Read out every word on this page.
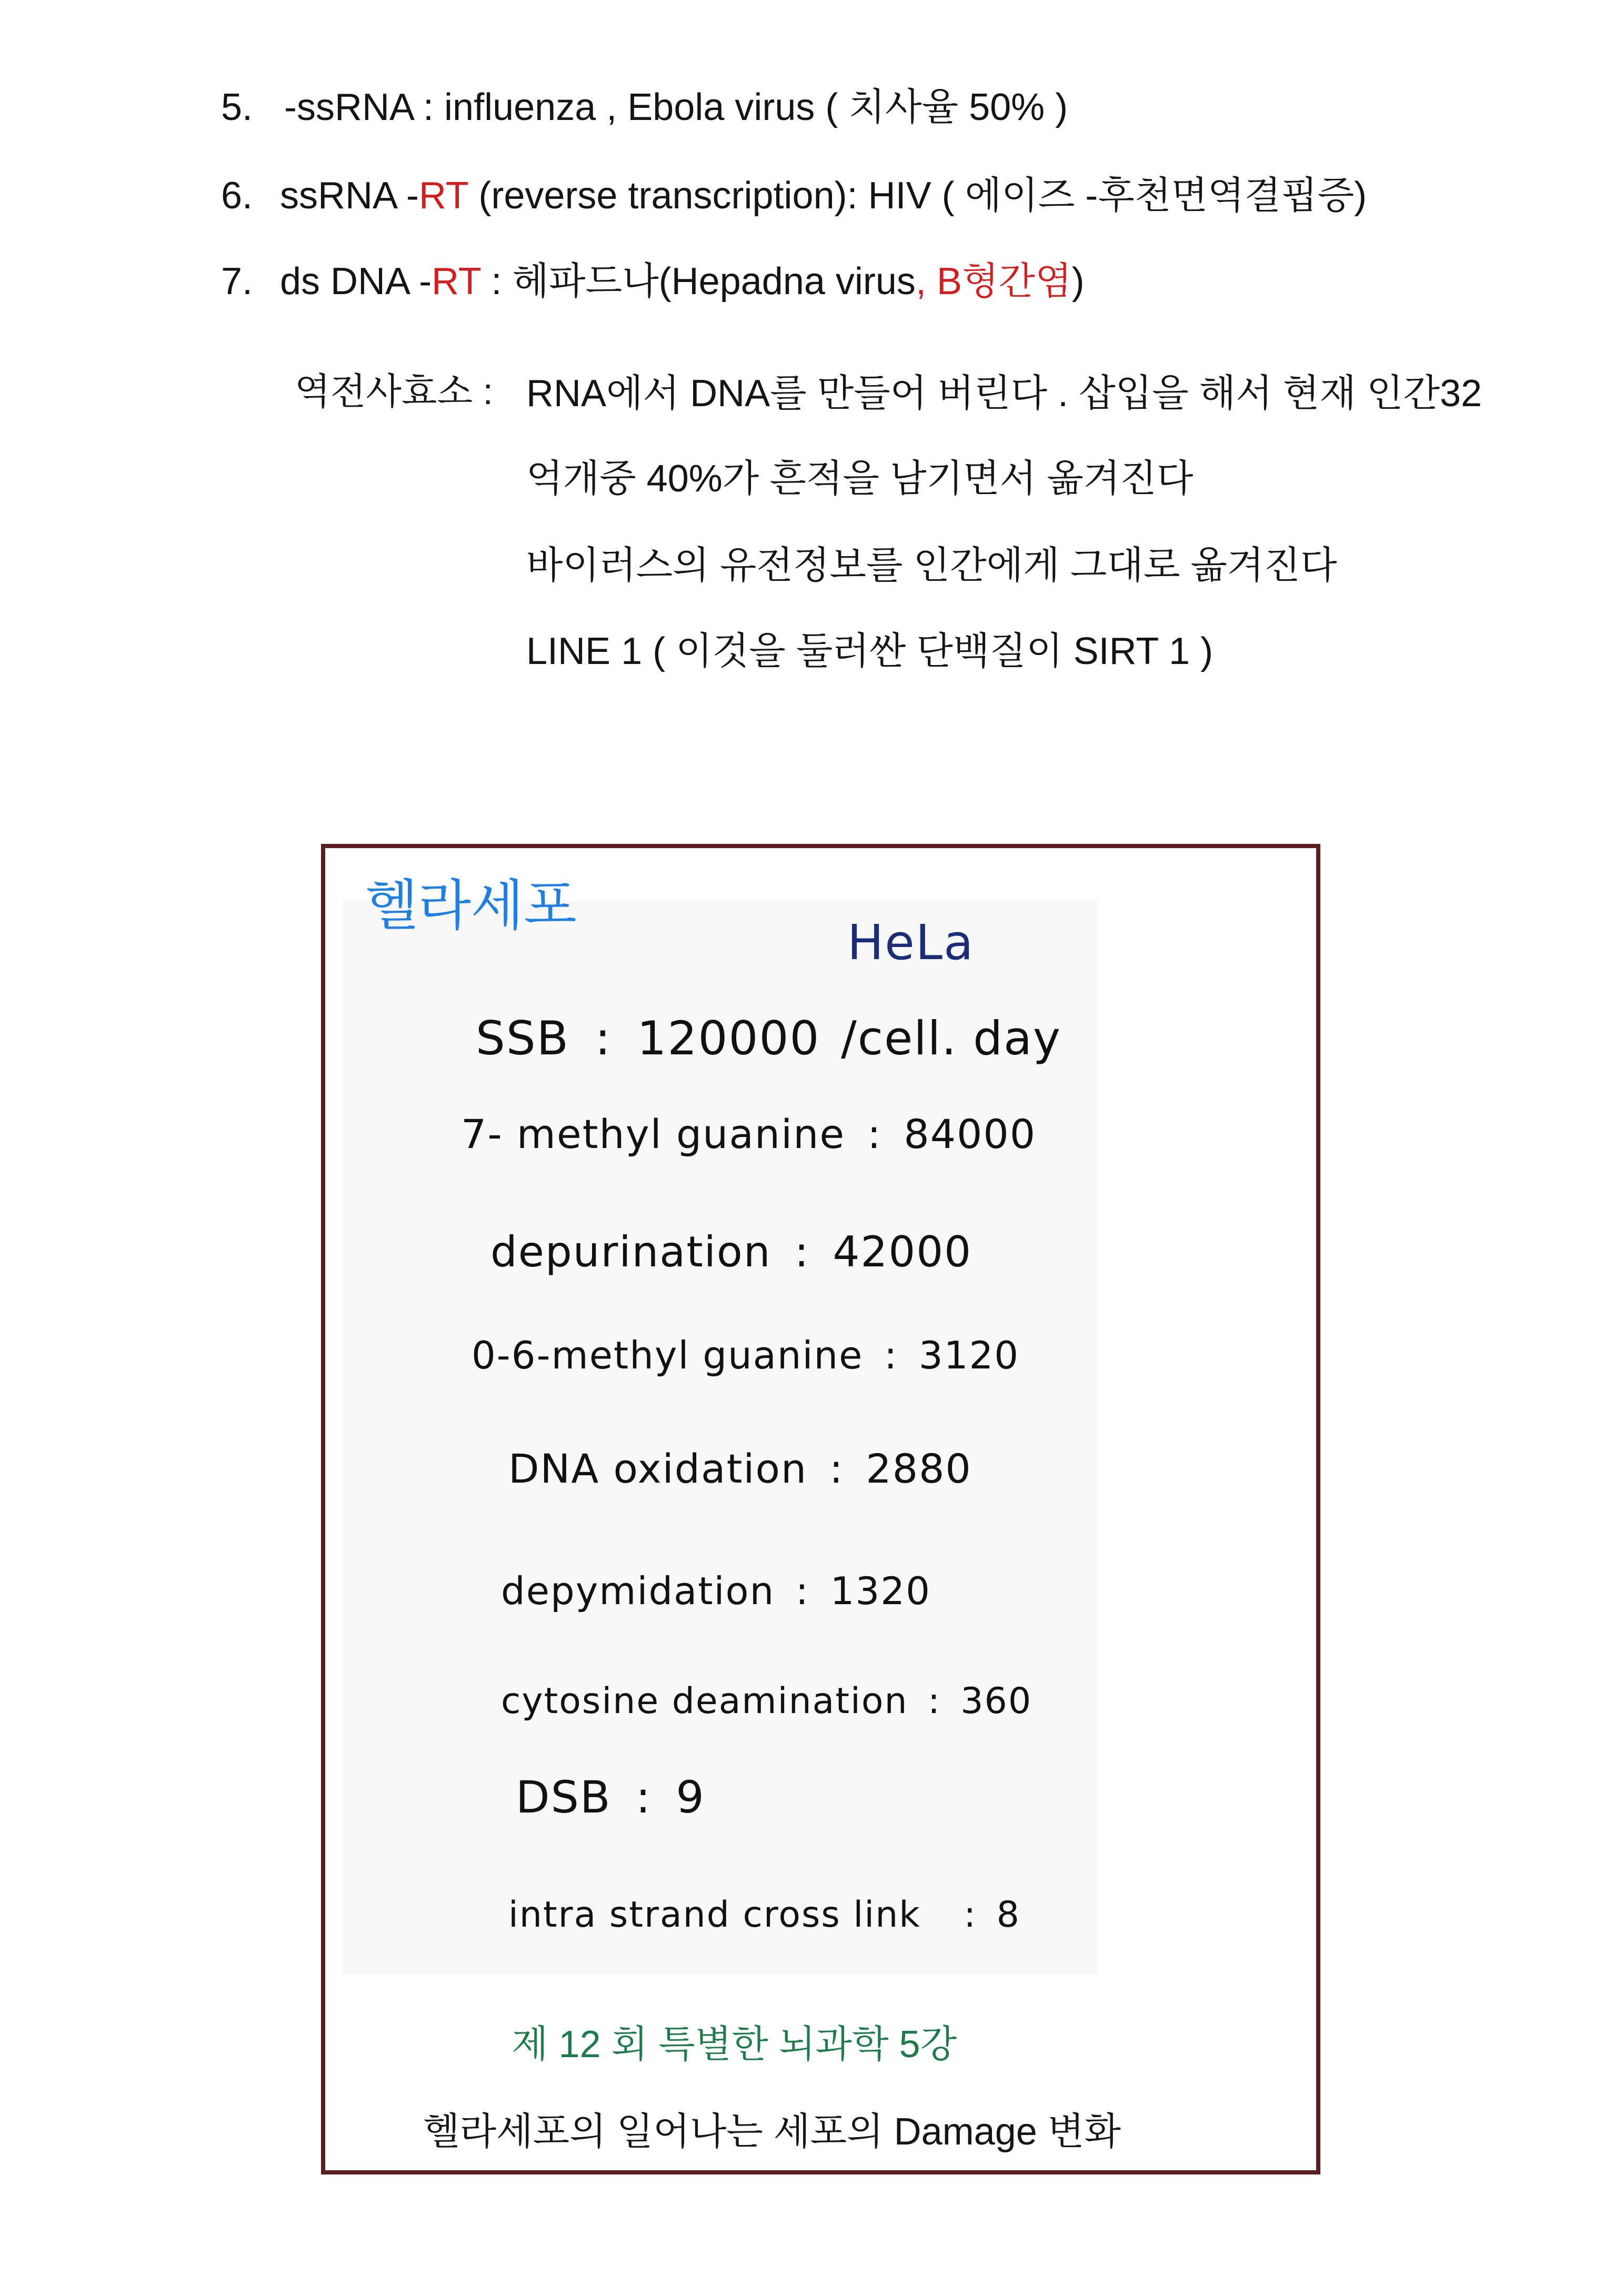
5. -ssRNA : influenza , Ebola virus ( 치사율 50% )
6. ssRNA -RT (reverse transcription): HIV ( 에이즈 -후천면역결핍증)
7. ds DNA -RT : 헤파드나(Hepadna virus, B형간염)
역전사효소 : RNA에서 DNA를 만들어 버린다 . 삽입을 해서 현재 인간32
억개중 40%가 흔적을 남기면서 옮겨진다
바이러스의 유전정보를 인간에게 그대로 옮겨진다
LINE 1 ( 이것을 둘러싼 단백질이 SIRT 1 )
헬라세포
HeLa
SSB : 120000 /cell. day
7- methyl guanine : 84000
depurination : 42000
0-6-methyl guanine : 3120
DNA oxidation : 2880
depymidation : 1320
cytosine deamination : 360
DSB : 9
intra strand cross link : 8
제 12 회 특별한 뇌과학 5강
헬라세포의 일어나는 세포의 Damage 변화
